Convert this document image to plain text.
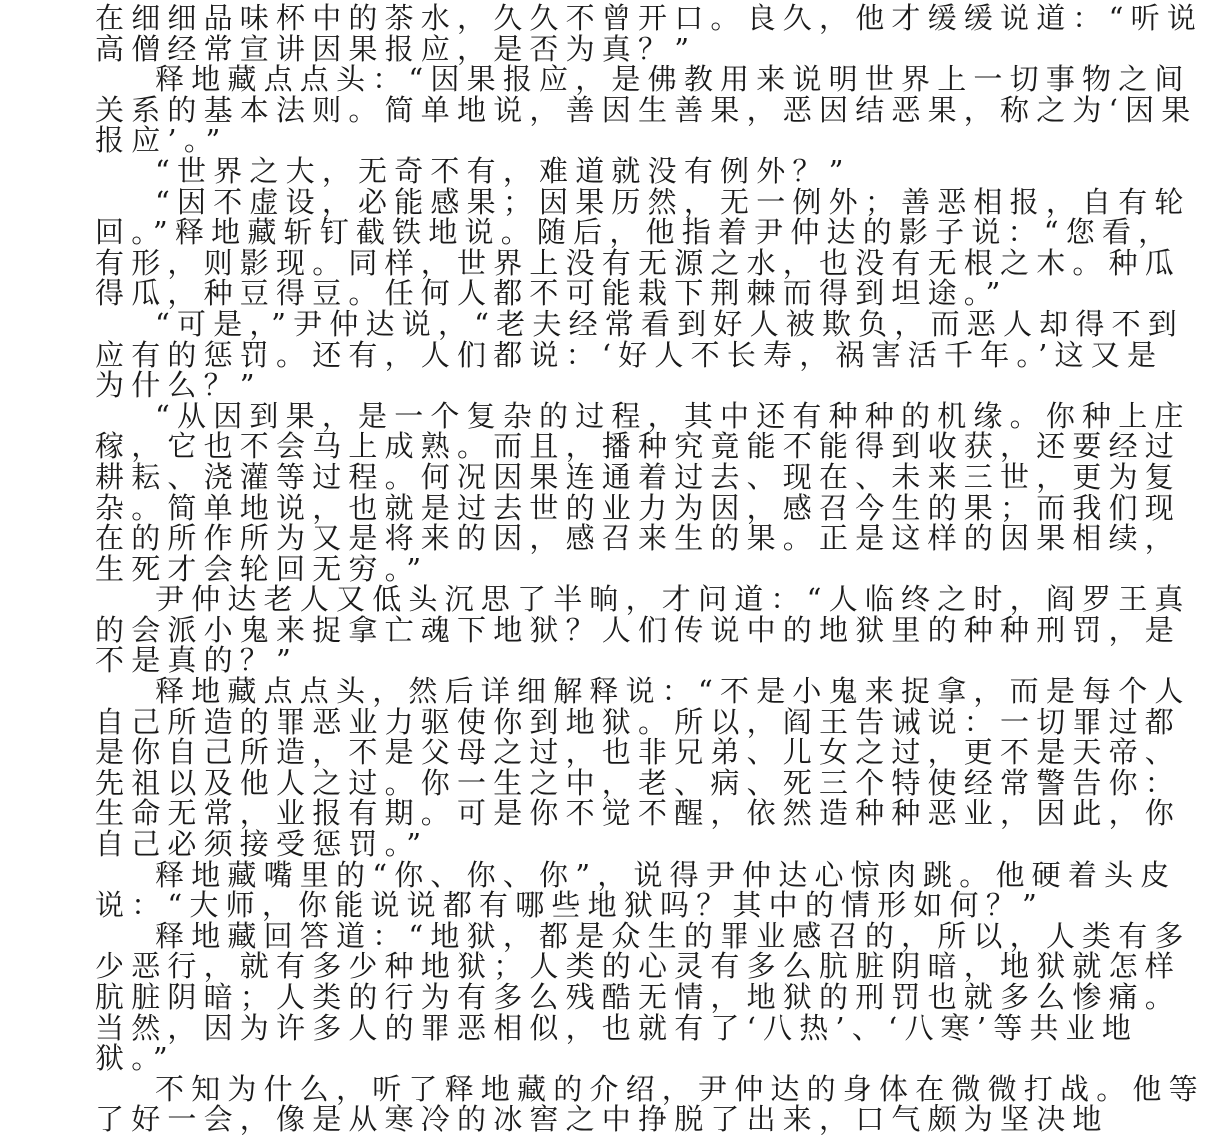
在细细品味杯中的茶水，久久不曾开口。良久，他才缓缓说道：“听说
高僧经常宣讲因果报应，是否为真？”
释地藏点点头：“因果报应，是佛教用来说明世界上一切事物之间
关系的基本法则。简单地说，善因生善果，恶因结恶果，称之为‘因果
报应’。”
“世界之大，无奇不有，难道就没有例外？”
“因不虚设，必能感果；因果历然，无一例外；善恶相报，自有轮
回。”释地藏斩钉截铁地说。随后，他指着尹仲达的影子说：“您看，
有形，则影现。同样，世界上没有无源之水，也没有无根之木。种瓜
得瓜，种豆得豆。任何人都不可能栽下荆棘而得到坦途。”
“可是，”尹仲达说，“老夫经常看到好人被欺负，而恶人却得不到
应有的惩罚。还有，人们都说：‘好人不长寿，祸害活千年。’这又是
为什么？”
“从因到果，是一个复杂的过程，其中还有种种的机缘。你种上庄
稼，它也不会马上成熟。而且，播种究竟能不能得到收获，还要经过
耕耘、浇灌等过程。何况因果连通着过去、现在、未来三世，更为复
杂。简单地说，也就是过去世的业力为因，感召今生的果；而我们现
在的所作所为又是将来的因，感召来生的果。正是这样的因果相续，
生死才会轮回无穷。”
尹仲达老人又低头沉思了半晌，才问道：“人临终之时，阎罗王真
的会派小鬼来捉拿亡魂下地狱？人们传说中的地狱里的种种刑罚，是
不是真的？”
释地藏点点头，然后详细解释说：“不是小鬼来捉拿，而是每个人
自己所造的罪恶业力驱使你到地狱。所以，阎王告诫说：一切罪过都
是你自己所造，不是父母之过，也非兄弟、儿女之过，更不是天帝、
先祖以及他人之过。你一生之中，老、病、死三个特使经常警告你：
生命无常，业报有期。可是你不觉不醒，依然造种种恶业，因此，你
自己必须接受惩罚。”
释地藏嘴里的“你、你、你”，说得尹仲达心惊肉跳。他硬着头皮
说：“大师，你能说说都有哪些地狱吗？其中的情形如何？”
释地藏回答道：“地狱，都是众生的罪业感召的，所以，人类有多
少恶行，就有多少种地狱；人类的心灵有多么肮脏阴暗，地狱就怎样
肮脏阴暗；人类的行为有多么残酷无情，地狱的刑罚也就多么惨痛。
当然，因为许多人的罪恶相似，也就有了‘八热’、‘八寒’等共业地
狱。”
不知为什么，听了释地藏的介绍，尹仲达的身体在微微打战。他等
了好一会，像是从寒冷的冰窖之中挣脱了出来，口气颇为坚决地
